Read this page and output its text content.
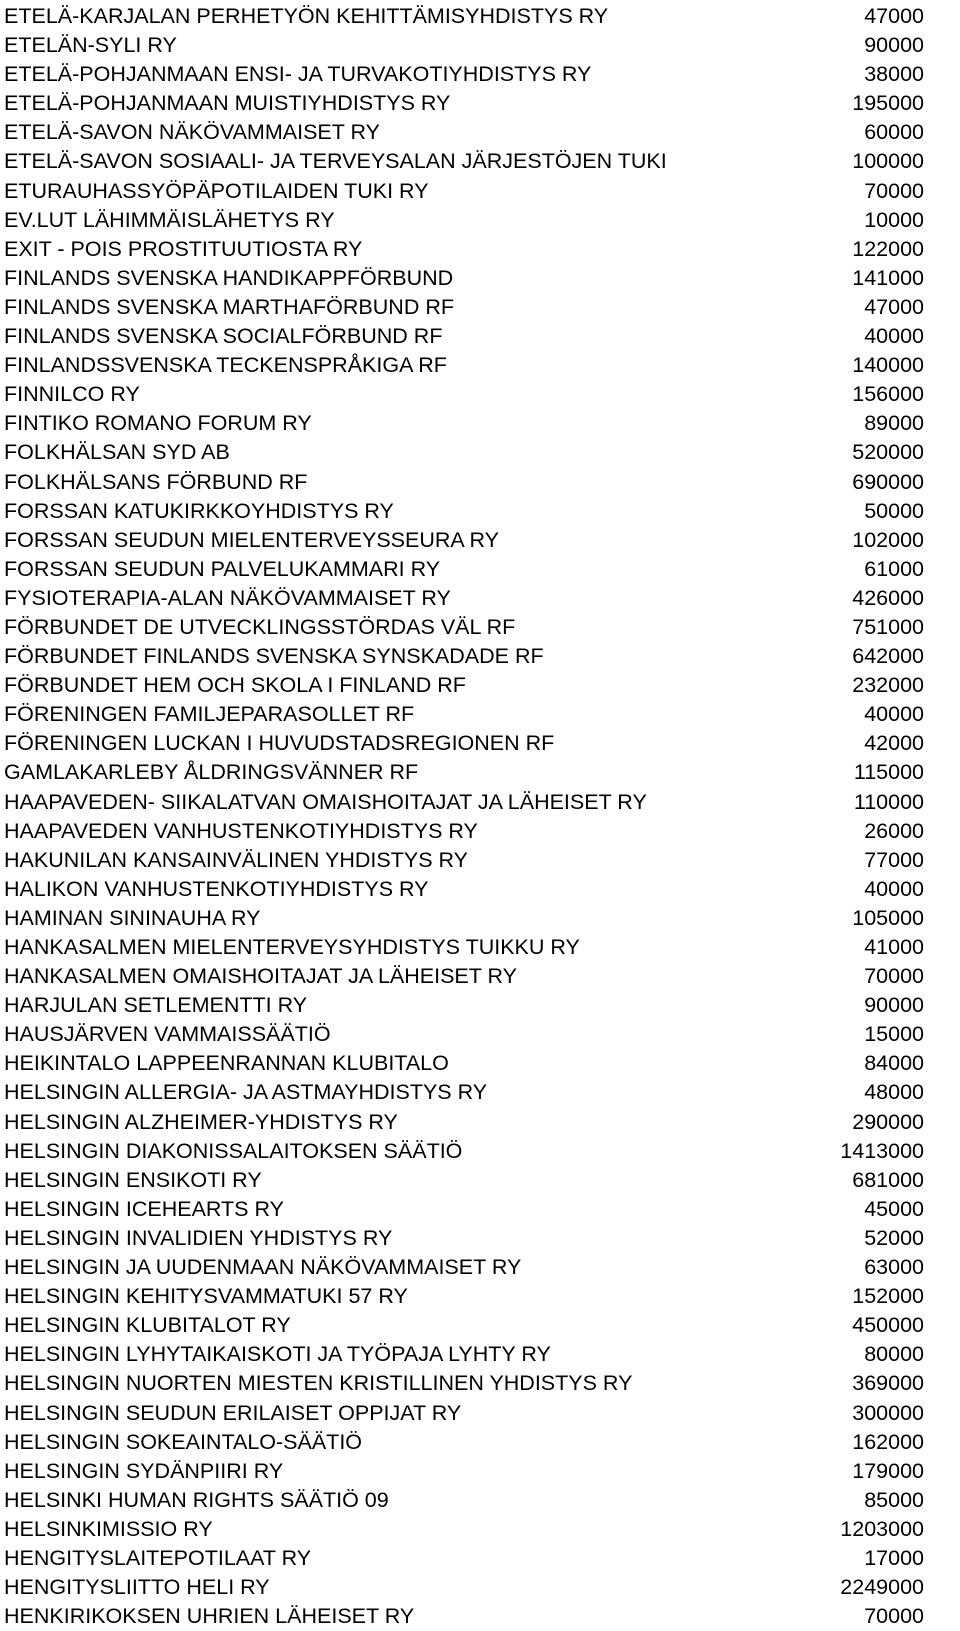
ETELÄ-KARJALAN PERHETYÖN KEHITTÄMISYHDISTYS RY	47000
ETELÄN-SYLI RY	90000
ETELÄ-POHJANMAAN ENSI- JA TURVAKOTIYHDISTYS RY	38000
ETELÄ-POHJANMAAN MUISTIYHDISTYS RY	195000
ETELÄ-SAVON NÄKÖVAMMAISET RY	60000
ETELÄ-SAVON SOSIAALI- JA TERVEYSALAN JÄRJESTÖJEN TUKI	100000
ETURAUHASSYÖPÄPOTILAIDEN TUKI RY	70000
EV.LUT LÄHIMMÄISLÄHETYS RY	10000
EXIT - POIS PROSTITUUTIOSTA RY	122000
FINLANDS SVENSKA HANDIKAPPFÖRBUND	141000
FINLANDS SVENSKA MARTHAFÖRBUND RF	47000
FINLANDS SVENSKA SOCIALFÖRBUND RF	40000
FINLANDSSVENSKA TECKENSPRÅKIGA RF	140000
FINNILCO RY	156000
FINTIKO ROMANO FORUM RY	89000
FOLKHÄLSAN SYD AB	520000
FOLKHÄLSANS FÖRBUND RF	690000
FORSSAN KATUKIRKKOYHDISTYS RY	50000
FORSSAN SEUDUN MIELENTERVEYSSEURA RY	102000
FORSSAN SEUDUN PALVELUKAMMARI RY	61000
FYSIOTERAPIA-ALAN NÄKÖVAMMAISET RY	426000
FÖRBUNDET DE UTVECKLINGSSTÖRDAS VÄL RF	751000
FÖRBUNDET FINLANDS SVENSKA SYNSKADADE RF	642000
FÖRBUNDET HEM OCH SKOLA I FINLAND RF	232000
FÖRENINGEN FAMILJEPARASOLLET RF	40000
FÖRENINGEN LUCKAN I HUVUDSTADSREGIONEN RF	42000
GAMLAKARLEBY ÅLDRINGSVÄNNER RF	115000
HAAPAVEDEN- SIIKALATVAN OMAISHOITAJAT JA LÄHEISET RY	110000
HAAPAVEDEN VANHUSTENKOTIYHDISTYS RY	26000
HAKUNILAN KANSAINVÄLINEN YHDISTYS RY	77000
HALIKON VANHUSTENKOTIYHDISTYS RY	40000
HAMINAN SININAUHA RY	105000
HANKASALMEN MIELENTERVEYSYHDISTYS TUIKKU RY	41000
HANKASALMEN OMAISHOITAJAT JA LÄHEISET RY	70000
HARJULAN SETLEMENTTI RY	90000
HAUSJÄRVEN VAMMAISSÄÄTIÖ	15000
HEIKINTALO LAPPEENRANNAN KLUBITALO	84000
HELSINGIN ALLERGIA- JA ASTMAYHDISTYS RY	48000
HELSINGIN ALZHEIMER-YHDISTYS RY	290000
HELSINGIN DIAKONISSALAITOKSEN SÄÄTIÖ	1413000
HELSINGIN ENSIKOTI RY	681000
HELSINGIN ICEHEARTS RY	45000
HELSINGIN INVALIDIEN YHDISTYS RY	52000
HELSINGIN JA UUDENMAAN NÄKÖVAMMAISET RY	63000
HELSINGIN KEHITYSVAMMATUKI 57 RY	152000
HELSINGIN KLUBITALOT RY	450000
HELSINGIN LYHYTAIKAISKOTI JA TYÖPAJA LYHTY RY	80000
HELSINGIN NUORTEN MIESTEN KRISTILLINEN YHDISTYS RY	369000
HELSINGIN SEUDUN ERILAISET OPPIJAT RY	300000
HELSINGIN SOKEAINTALO-SÄÄTIÖ	162000
HELSINGIN SYDÄNPIIRI RY	179000
HELSINKI HUMAN RIGHTS SÄÄTIÖ 09	85000
HELSINKIMISSIO RY	1203000
HENGITYSLAITEPOTILAAT RY	17000
HENGITYSLIITTO HELI RY	2249000
HENKIRIKOKSEN UHRIEN LÄHEISET RY	70000
